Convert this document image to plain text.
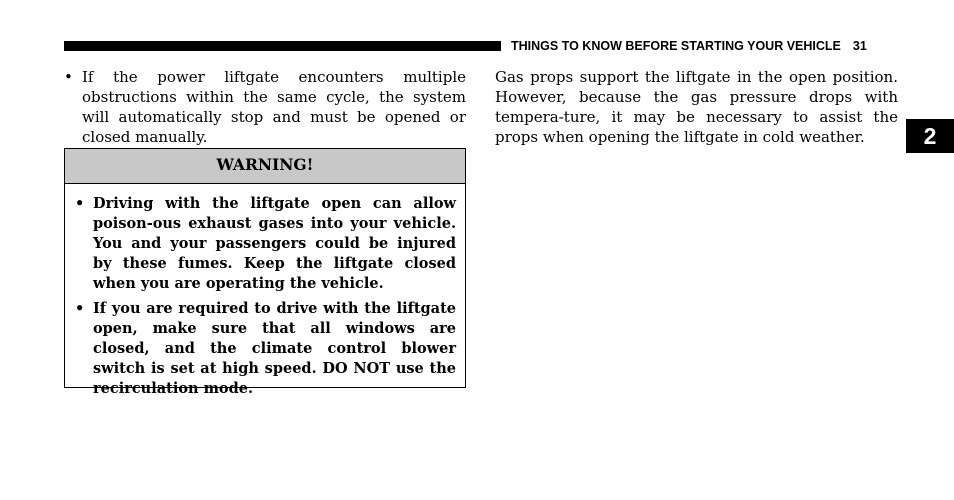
THINGS TO KNOW BEFORE STARTING YOUR VEHICLE 31
2
• If the power liftgate encounters multiple obstructions within the same cycle, the system will automatically stop and must be opened or closed manually.
WARNING!
• Driving with the liftgate open can allow poison-ous exhaust gases into your vehicle. You and your passengers could be injured by these fumes. Keep the liftgate closed when you are operating the vehicle.
• If you are required to drive with the liftgate open, make sure that all windows are closed, and the climate control blower switch is set at high speed. DO NOT use the recirculation mode.

Gas props support the liftgate in the open position. However, because the gas pressure drops with tempera-ture, it may be necessary to assist the props when opening the liftgate in cold weather.
